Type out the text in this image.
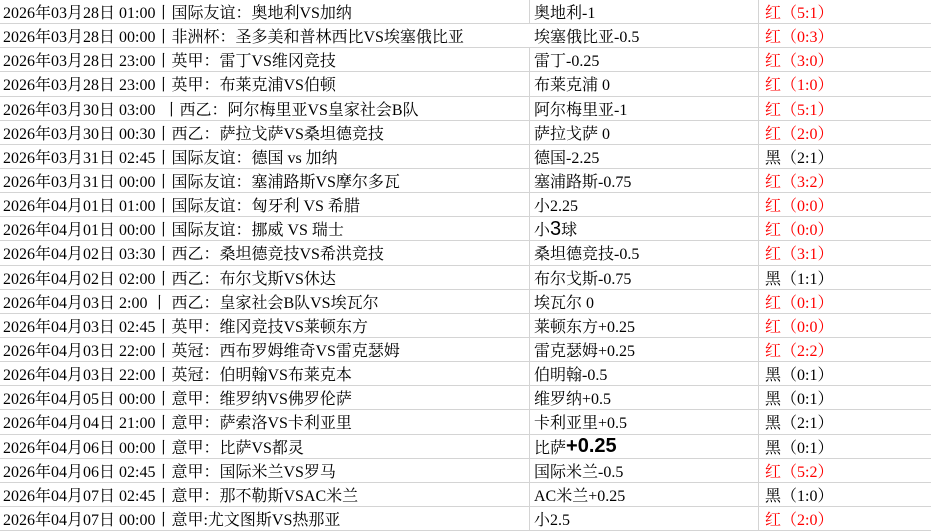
2026年03月28日 01:00丨国际友谊：奥地利VS加纳	奥地利-1	红（5:1）
2026年03月28日 00:00丨非洲杯：圣多美和普林西比VS埃塞俄比亚	埃塞俄比亚-0.5	红（0:3）
2026年03月28日 23:00丨英甲：雷丁VS维冈竞技	雷丁-0.25	红（3:0）
2026年03月28日 23:00丨英甲：布莱克浦VS伯顿	布莱克浦 0	红（1:0）
2026年03月30日 03:00  丨西乙：阿尔梅里亚VS皇家社会B队	阿尔梅里亚-1	红（5:1）
2026年03月30日 00:30丨西乙：萨拉戈萨VS桑坦德竞技	萨拉戈萨 0	红（2:0）
2026年03月31日 02:45丨国际友谊：德国 vs 加纳	德国-2.25	黑（2:1）
2026年03月31日 00:00丨国际友谊：塞浦路斯VS摩尔多瓦	塞浦路斯-0.75	红（3:2）
2026年04月01日 01:00丨国际友谊：匈牙利 VS 希腊	小2.25	红（0:0）
2026年04月01日 00:00丨国际友谊：挪威 VS 瑞士	小 3 球	红（0:0）
2026年04月02日 03:30丨西乙：桑坦德竞技VS希洪竞技	桑坦德竞技-0.5	红（3:1）
2026年04月02日 02:00丨西乙：布尔戈斯VS休达	布尔戈斯-0.75	黑（1:1）
2026年04月03日 2:00 丨 西乙：皇家社会B队VS埃瓦尔	埃瓦尔 0	红（0:1）
2026年04月03日 02:45丨英甲：维冈竞技VS莱顿东方	莱顿东方+0.25	红（0:0）
2026年04月03日 22:00丨英冠：西布罗姆维奇VS雷克瑟姆	雷克瑟姆+0.25	红（2:2）
2026年04月03日 22:00丨英冠：伯明翰VS布莱克本	伯明翰-0.5	黑（0:1）
2026年04月05日 00:00丨意甲：维罗纳VS佛罗伦萨	维罗纳+0.5	黑（0:1）
2026年04月04日 21:00丨意甲：萨索洛VS卡利亚里	卡利亚里+0.5	黑（2:1）
2026年04月06日 00:00丨意甲：比萨VS都灵	比萨 +0.25	黑（0:1）
2026年04月06日 02:45丨意甲：国际米兰VS罗马	国际米兰-0.5	红（5:2）
2026年04月07日 02:45丨意甲：那不勒斯VSAC米兰	AC米兰+0.25	黑（1:0）
2026年04月07日 00:00丨意甲:尤文图斯VS热那亚	小2.5	红（2:0）
